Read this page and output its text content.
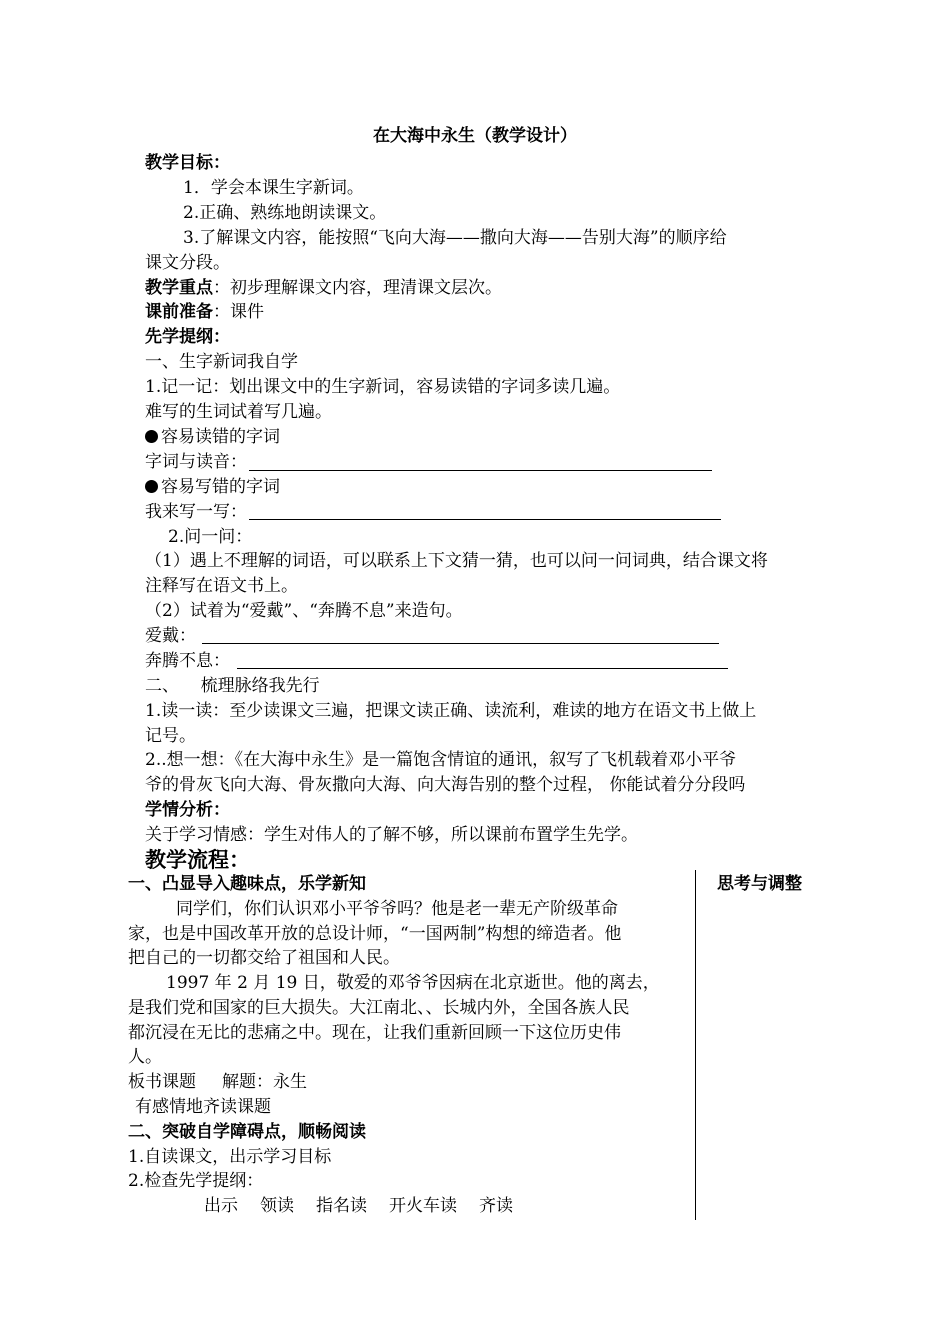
在大海中永生（教学设计）
教学目标：
1．学会本课生字新词。
2.正确、熟练地朗读课文。
3.了解课文内容，能按照“飞向大海——撒向大海——告别大海”的顺序给
课文分段。
教学重点：初步理解课文内容，理清课文层次。
课前准备：课件
先学提纲：
一、生字新词我自学
1.记一记：划出课文中的生字新词，容易读错的字词多读几遍。
难写的生词试着写几遍。
容易读错的字词
字词与读音：
容易写错的字词
我来写一写：
2.问一问：
（1）遇上不理解的词语，可以联系上下文猜一猜，也可以问一问词典，结合课文将
注释写在语文书上。
（2）试着为“爱戴”、“奔腾不息”来造句。
爱戴：
奔腾不息：
二、    梳理脉络我先行
1.读一读：至少读课文三遍，把课文读正确、读流利，难读的地方在语文书上做上
记号。
2..想一想：《在大海中永生》是一篇饱含情谊的通讯，叙写了飞机载着邓小平爷
爷的骨灰飞向大海、骨灰撒向大海、向大海告别的整个过程， 你能试着分分段吗
学情分析：
关于学习情感：学生对伟人的了解不够，所以课前布置学生先学。
教学流程：
思考与调整
一、凸显导入趣味点，乐学新知
同学们，你们认识邓小平爷爷吗？他是老一辈无产阶级革命
家，也是中国改革开放的总设计师，“一国两制”构想的缔造者。他
把自己的一切都交给了祖国和人民。
1997 年 2 月 19 日，敬爱的邓爷爷因病在北京逝世。他的离去，
是我们党和国家的巨大损失。大江南北、、长城内外，全国各族人民
都沉浸在无比的悲痛之中。现在，让我们重新回顾一下这位历史伟
人。
板书课题 解题：永生
有感情地齐读课题
二、突破自学障碍点，顺畅阅读
1.自读课文，出示学习目标
2.检查先学提纲：
出示 领读 指名读 开火车读 齐读
